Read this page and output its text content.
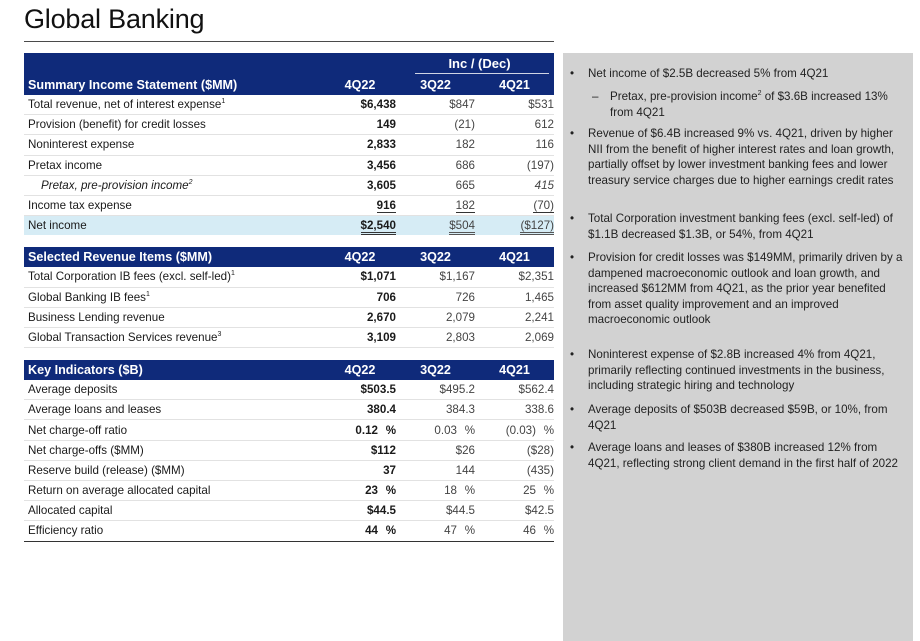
Global Banking
Inc / (Dec)
Summary Income Statement ($MM)	4Q22	3Q22	4Q21
Total revenue, net of interest expense$^1$	$6,438	$847	$531
Provision (benefit) for credit losses	149	(21)	612
Noninterest expense	2,833	182	116
Pretax income	3,456	686	(197)
Pretax, pre-provision income$^2$	3,605	665	415
Income tax expense	916	182	(70)
Net income	$2,540	$504	($127)
Selected Revenue Items ($MM)	4Q22	3Q22	4Q21
Total Corporation IB fees (excl. self-led)$^1$	$1,071	$1,167	$2,351
Global Banking IB fees$^1$	706	726	1,465
Business Lending revenue	2,670	2,079	2,241
Global Transaction Services revenue$^3$	3,109	2,803	2,069
Key Indicators ($B)	4Q22	3Q22	4Q21
Average deposits	$503.5	$495.2	$562.4
Average loans and leases	380.4	384.3	338.6
Net charge-off ratio	0.12 %	0.03 %	(0.03) %
Net charge-offs ($MM)	$112	$26	($28)
Reserve build (release) ($MM)	37	144	(435)
Return on average allocated capital	23 %	18 %	25 %
Allocated capital	$44.5	$44.5	$42.5
Efficiency ratio	44 %	47 %	46 %
•	Net income of $2.5B decreased 5% from 4Q21
– Pretax, pre-provision income$^2$ of $3.6B increased 13% from 4Q21
•	Revenue of $6.4B increased 9% vs. 4Q21, driven by higher NII from the benefit of higher interest rates and loan growth, partially offset by lower investment banking fees and lower treasury service charges due to higher earnings credit rates
•	Total Corporation investment banking fees (excl. self-led) of $1.1B decreased $1.3B, or 54%, from 4Q21
•	Provision for credit losses was $149MM, primarily driven by a dampened macroeconomic outlook and loan growth, and increased $612MM from 4Q21, as the prior year benefited from asset quality improvement and an improved macroeconomic outlook
•	Noninterest expense of $2.8B increased 4% from 4Q21, primarily reflecting continued investments in the business, including strategic hiring and technology
•	Average deposits of $503B decreased $59B, or 10%, from 4Q21
•	Average loans and leases of $380B increased 12% from 4Q21, reflecting strong client demand in the first half of 2022
